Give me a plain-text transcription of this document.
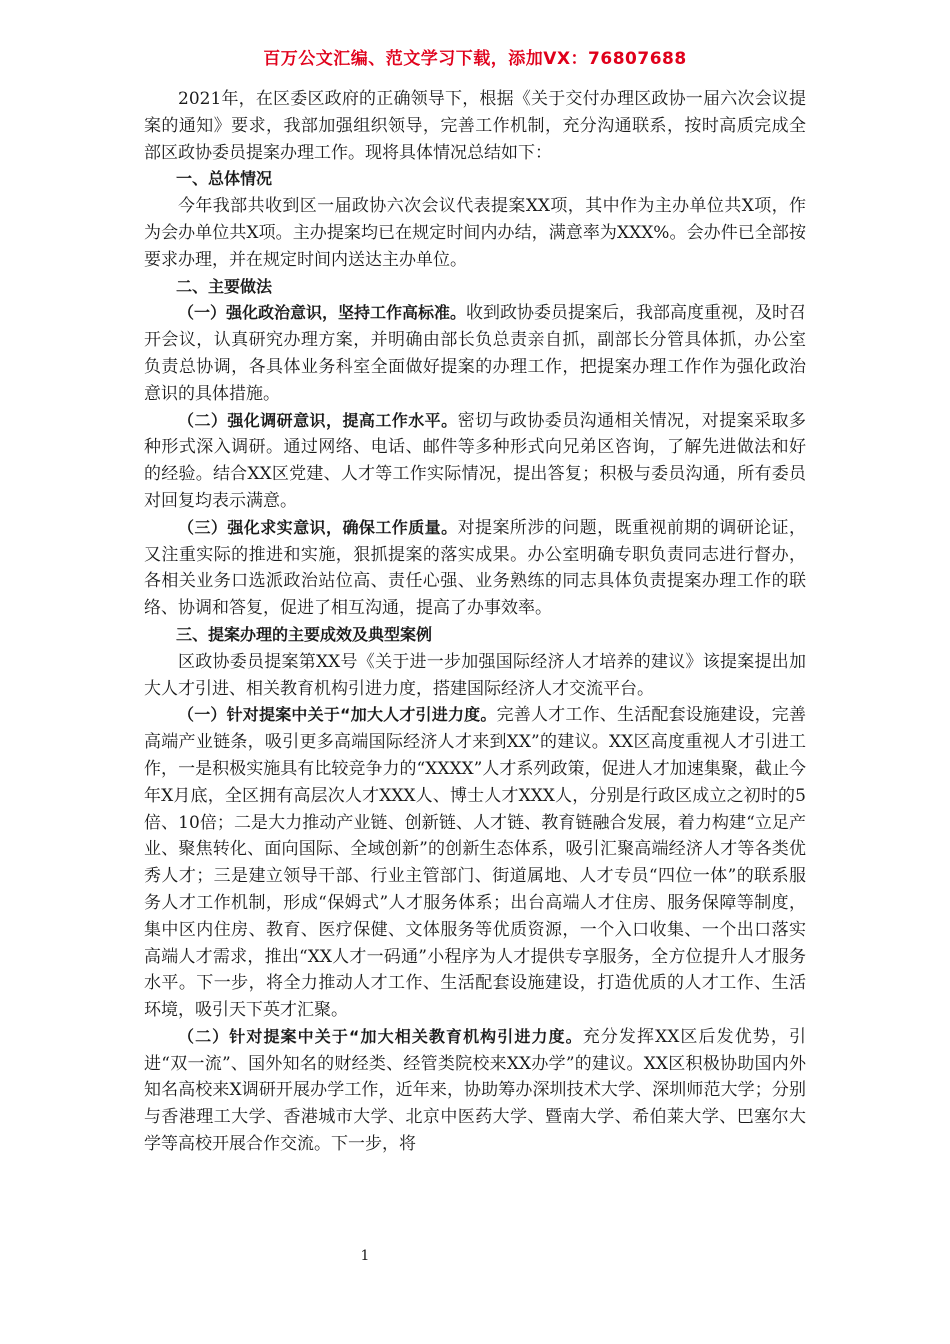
百万公文汇编、范文学习下载，添加VX：76807688

2021年，在区委区政府的正确领导下，根据《关于交付办理区政协一届六次会议提案的通知》要求，我部加强组织领导，完善工作机制，充分沟通联系，按时高质完成全部区政协委员提案办理工作。现将具体情况总结如下：

一、总体情况

今年我部共收到区一届政协六次会议代表提案XX项，其中作为主办单位共X项，作为会办单位共X项。主办提案均已在规定时间内办结，满意率为XXX%。会办件已全部按要求办理，并在规定时间内送达主办单位。

二、主要做法

（一）强化政治意识，坚持工作高标准。收到政协委员提案后，我部高度重视，及时召开会议，认真研究办理方案，并明确由部长负总责亲自抓，副部长分管具体抓，办公室负责总协调，各具体业务科室全面做好提案的办理工作，把提案办理工作作为强化政治意识的具体措施。

（二）强化调研意识，提高工作水平。密切与政协委员沟通相关情况，对提案采取多种形式深入调研。通过网络、电话、邮件等多种形式向兄弟区咨询，了解先进做法和好的经验。结合XX区党建、人才等工作实际情况，提出答复；积极与委员沟通，所有委员对回复均表示满意。

（三）强化求实意识，确保工作质量。对提案所涉的问题，既重视前期的调研论证，又注重实际的推进和实施，狠抓提案的落实成果。办公室明确专职负责同志进行督办，各相关业务口选派政治站位高、责任心强、业务熟练的同志具体负责提案办理工作的联络、协调和答复，促进了相互沟通，提高了办事效率。

三、提案办理的主要成效及典型案例

区政协委员提案第XX号《关于进一步加强国际经济人才培养的建议》该提案提出加大人才引进、相关教育机构引进力度，搭建国际经济人才交流平台。

（一）针对提案中关于“加大人才引进力度。完善人才工作、生活配套设施建设，完善高端产业链条，吸引更多高端国际经济人才来到XX”的建议。XX区高度重视人才引进工作，一是积极实施具有比较竞争力的“XXXX”人才系列政策，促进人才加速集聚，截止今年X月底，全区拥有高层次人才XXX人、博士人才XXX人，分别是行政区成立之初时的5倍、10倍；二是大力推动产业链、创新链、人才链、教育链融合发展，着力构建“立足产业、聚焦转化、面向国际、全域创新”的创新生态体系，吸引汇聚高端经济人才等各类优秀人才；三是建立领导干部、行业主管部门、街道属地、人才专员“四位一体”的联系服务人才工作机制，形成“保姆式”人才服务体系；出台高端人才住房、服务保障等制度，集中区内住房、教育、医疗保健、文体服务等优质资源，一个入口收集、一个出口落实高端人才需求，推出“XX人才一码通”小程序为人才提供专享服务，全方位提升人才服务水平。下一步，将全力推动人才工作、生活配套设施建设，打造优质的人才工作、生活环境，吸引天下英才汇聚。

（二）针对提案中关于“加大相关教育机构引进力度。充分发挥XX区后发优势，引进“双一流”、国外知名的财经类、经管类院校来XX办学”的建议。XX区积极协助国内外知名高校来X调研开展办学工作，近年来，协助筹办深圳技术大学、深圳师范大学；分别与香港理工大学、香港城市大学、北京中医药大学、暨南大学、希伯莱大学、巴塞尔大学等高校开展合作交流。下一步，将

1
